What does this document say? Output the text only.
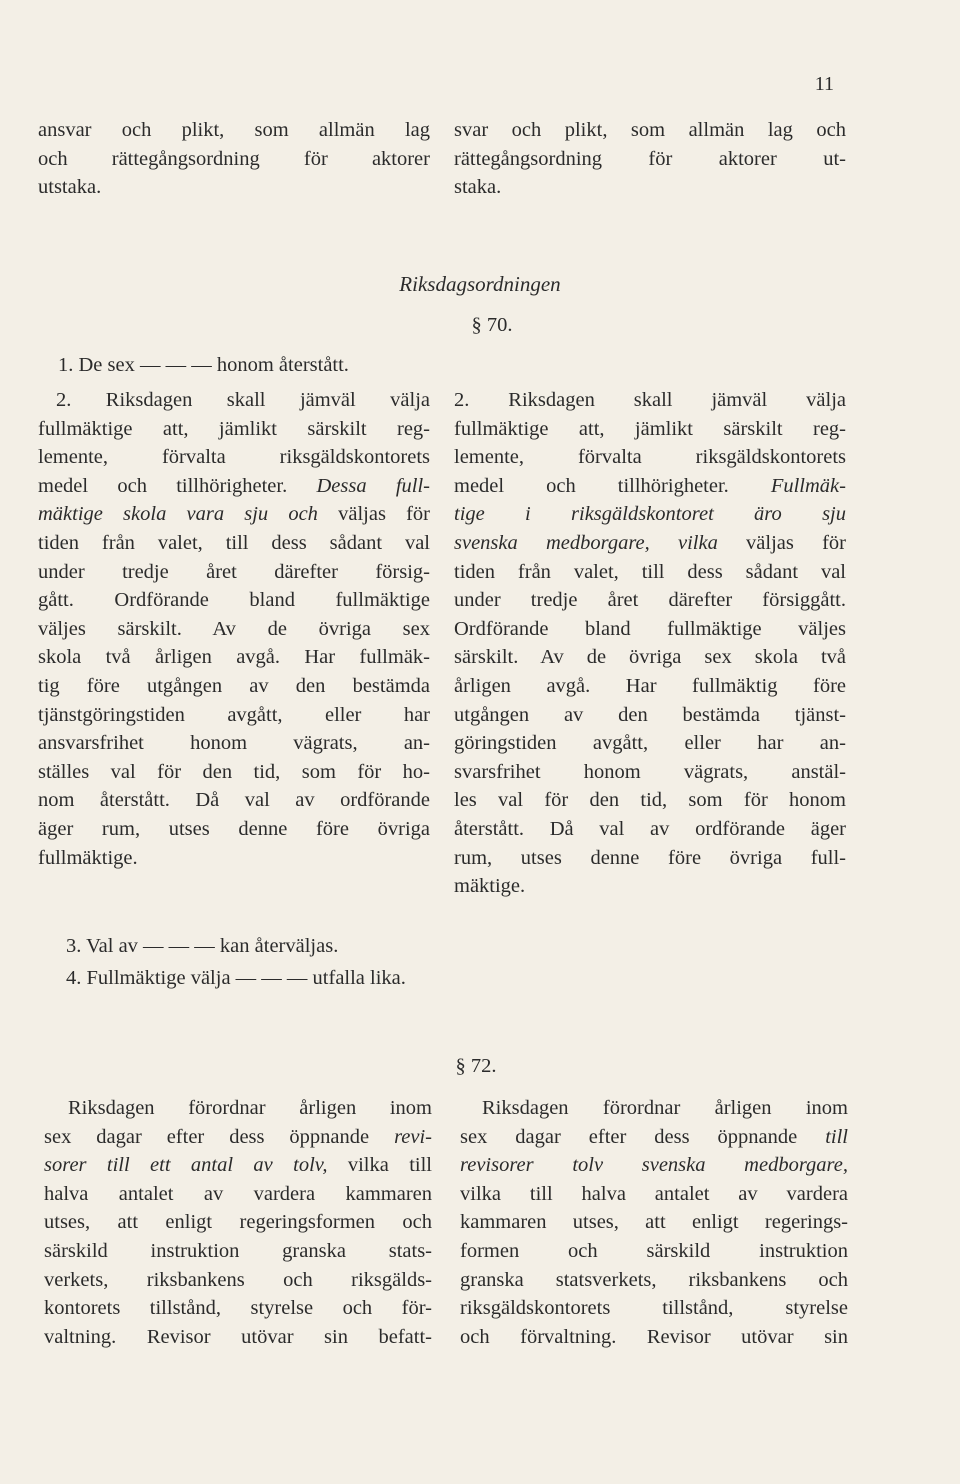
11
ansvar och plikt, som allmän lag
och rättegångsordning för aktorer
utstaka.
svar och plikt, som allmän lag och
rättegångsordning för aktorer ut-
staka.
Riksdagsordningen
§ 70.
1. De sex — — — honom återstått.
2. Riksdagen skall jämväl välja
fullmäktige att, jämlikt särskilt reg-
lemente, förvalta riksgäldskontorets
medel och tillhörigheter. Dessa full-
mäktige skola vara sju och väljas för
tiden från valet, till dess sådant val
under tredje året därefter försig-
gått. Ordförande bland fullmäktige
väljes särskilt. Av de övriga sex
skola två årligen avgå. Har fullmäk-
tig före utgången av den bestämda
tjänstgöringstiden avgått, eller har
ansvarsfrihet honom vägrats, an-
ställes val för den tid, som för ho-
nom återstått. Då val av ordförande
äger rum, utses denne före övriga
fullmäktige.
2. Riksdagen skall jämväl välja
fullmäktige att, jämlikt särskilt reg-
lemente, förvalta riksgäldskontorets
medel och tillhörigheter. Fullmäk-
tige i riksgäldskontoret äro sju
svenska medborgare, vilka väljas för
tiden från valet, till dess sådant val
under tredje året därefter försiggått.
Ordförande bland fullmäktige väljes
särskilt. Av de övriga sex skola två
årligen avgå. Har fullmäktig före
utgången av den bestämda tjänst-
göringstiden avgått, eller har an-
svarsfrihet honom vägrats, anstäl-
les val för den tid, som för honom
återstått. Då val av ordförande äger
rum, utses denne före övriga full-
mäktige.
3. Val av — — — kan återväljas.
4. Fullmäktige välja — — — utfalla lika.
§ 72.
Riksdagen förordnar årligen inom
sex dagar efter dess öppnande revi-
sorer till ett antal av tolv, vilka till
halva antalet av vardera kammaren
utses, att enligt regeringsformen och
särskild instruktion granska stats-
verkets, riksbankens och riksgälds-
kontorets tillstånd, styrelse och för-
valtning. Revisor utövar sin befatt-
Riksdagen förordnar årligen inom
sex dagar efter dess öppnande till
revisorer tolv svenska medborgare,
vilka till halva antalet av vardera
kammaren utses, att enligt regerings-
formen och särskild instruktion
granska statsverkets, riksbankens och
riksgäldskontorets tillstånd, styrelse
och förvaltning. Revisor utövar sin
